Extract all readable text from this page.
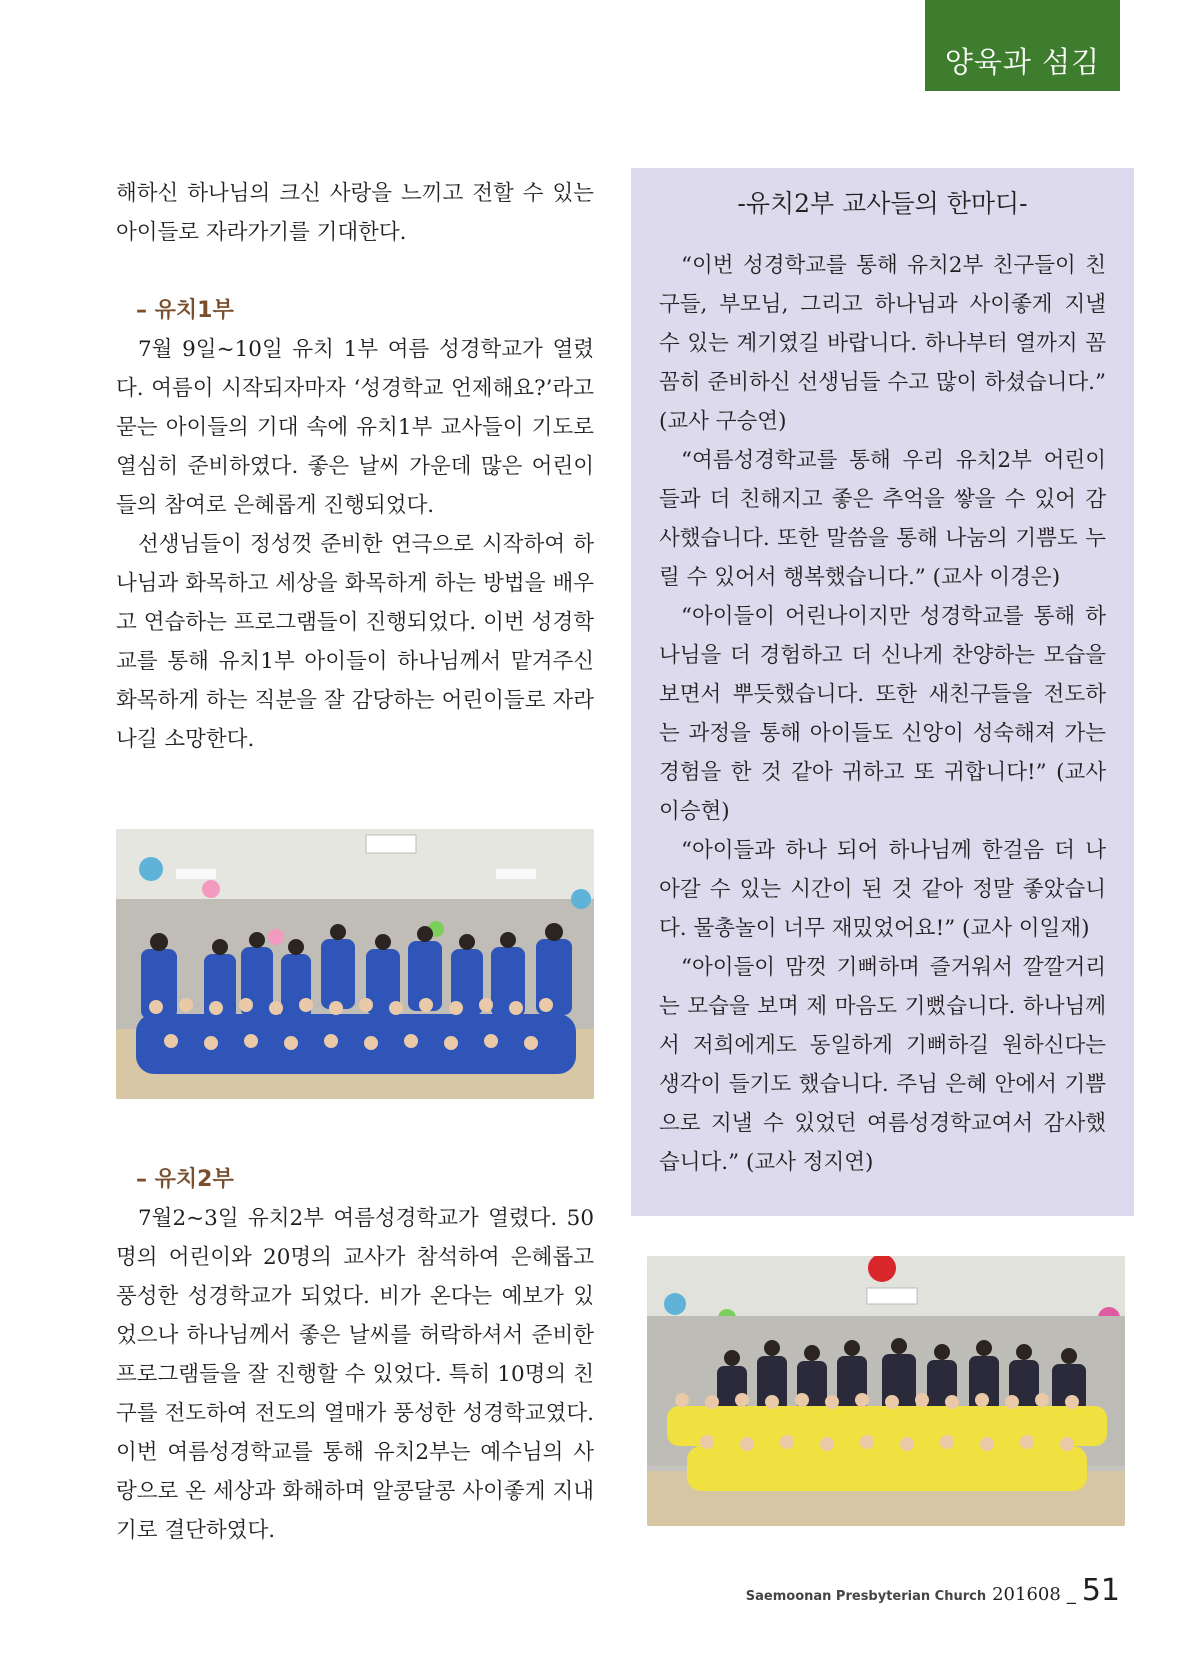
양육과 섬김

해하신 하나님의 크신 사랑을 느끼고 전할 수 있는 아이들로 자라가기를 기대한다.

– 유치1부

7월 9일~10일 유치 1부 여름 성경학교가 열렸다. 여름이 시작되자마자 ‘성경학교 언제해요?’라고 묻는 아이들의 기대 속에 유치1부 교사들이 기도로 열심히 준비하였다. 좋은 날씨 가운데 많은 어린이들의 참여로 은혜롭게 진행되었다.

선생님들이 정성껏 준비한 연극으로 시작하여 하나님과 화목하고 세상을 화목하게 하는 방법을 배우고 연습하는 프로그램들이 진행되었다. 이번 성경학교를 통해 유치1부 아이들이 하나님께서 맡겨주신 화목하게 하는 직분을 잘 감당하는 어린이들로 자라나길 소망한다.

– 유치2부

7월2~3일 유치2부 여름성경학교가 열렸다. 50명의 어린이와 20명의 교사가 참석하여 은혜롭고 풍성한 성경학교가 되었다. 비가 온다는 예보가 있었으나 하나님께서 좋은 날씨를 허락하셔서 준비한 프로그램들을 잘 진행할 수 있었다. 특히 10명의 친구를 전도하여 전도의 열매가 풍성한 성경학교였다. 이번 여름성경학교를 통해 유치2부는 예수님의 사랑으로 온 세상과 화해하며 알콩달콩 사이좋게 지내기로 결단하였다.

-유치2부 교사들의 한마디-

“이번 성경학교를 통해 유치2부 친구들이 친구들, 부모님, 그리고 하나님과 사이좋게 지낼 수 있는 계기였길 바랍니다. 하나부터 열까지 꼼꼼히 준비하신 선생님들 수고 많이 하셨습니다.” (교사 구승연)

“여름성경학교를 통해 우리 유치2부 어린이들과 더 친해지고 좋은 추억을 쌓을 수 있어 감사했습니다. 또한 말씀을 통해 나눔의 기쁨도 누릴 수 있어서 행복했습니다.” (교사 이경은)

“아이들이 어린나이지만 성경학교를 통해 하나님을 더 경험하고 더 신나게 찬양하는 모습을 보면서 뿌듯했습니다. 또한 새친구들을 전도하는 과정을 통해 아이들도 신앙이 성숙해져 가는 경험을 한 것 같아 귀하고 또 귀합니다!” (교사 이승현)

“아이들과 하나 되어 하나님께 한걸음 더 나아갈 수 있는 시간이 된 것 같아 정말 좋았습니다. 물총놀이 너무 재밌었어요!” (교사 이일재)

“아이들이 맘껏 기뻐하며 즐거워서 깔깔거리는 모습을 보며 제 마음도 기뻤습니다. 하나님께서 저희에게도 동일하게 기뻐하길 원하신다는 생각이 들기도 했습니다. 주님 은혜 안에서 기쁨으로 지낼 수 있었던 여름성경학교여서 감사했습니다.” (교사 정지연)

Saemoonan Presbyterian Church 201608 _ 51
